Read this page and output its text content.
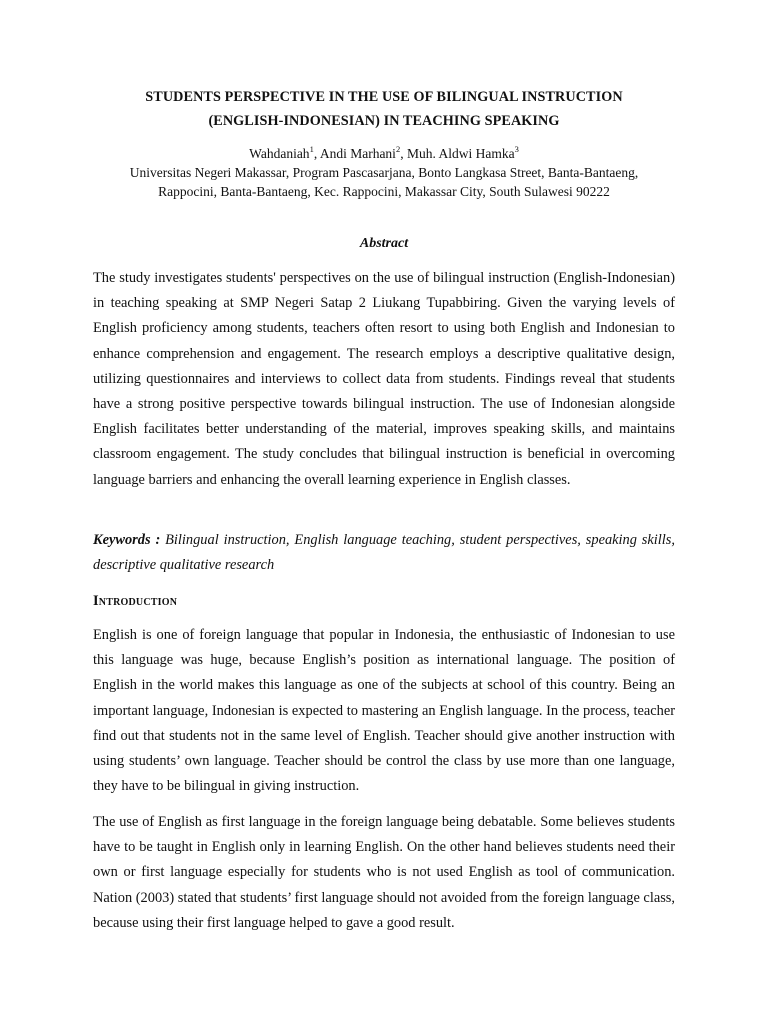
STUDENTS PERSPECTIVE IN THE USE OF BILINGUAL INSTRUCTION
(ENGLISH-INDONESIAN) IN TEACHING SPEAKING
Wahdaniah$^1$, Andi Marhani$^2$, Muh. Aldwi Hamka$^3$
Universitas Negeri Makassar, Program Pascasarjana, Bonto Langkasa Street, Banta-Bantaeng,
Rappocini, Banta-Bantaeng, Kec. Rappocini, Makassar City, South Sulawesi 90222
Abstract

The study investigates students' perspectives on the use of bilingual instruction (English-Indonesian) in teaching speaking at SMP Negeri Satap 2 Liukang Tupabbiring. Given the varying levels of English proficiency among students, teachers often resort to using both English and Indonesian to enhance comprehension and engagement. The research employs a descriptive qualitative design, utilizing questionnaires and interviews to collect data from students. Findings reveal that students have a strong positive perspective towards bilingual instruction. The use of Indonesian alongside English facilitates better understanding of the material, improves speaking skills, and maintains classroom engagement. The study concludes that bilingual instruction is beneficial in overcoming language barriers and enhancing the overall learning experience in English classes.

Keywords : Bilingual instruction, English language teaching, student perspectives, speaking skills, descriptive qualitative research

Introduction

English is one of foreign language that popular in Indonesia, the enthusiastic of Indonesian to use this language was huge, because English’s position as international language. The position of English in the world makes this language as one of the subjects at school of this country. Being an important language, Indonesian is expected to mastering an English language. In the process, teacher find out that students not in the same level of English. Teacher should give another instruction with using students’ own language. Teacher should be control the class by use more than one language, they have to be bilingual in giving instruction.

The use of English as first language in the foreign language being debatable. Some believes students have to be taught in English only in learning English. On the other hand believes students need their own or first language especially for students who is not used English as tool of communication. Nation (2003) stated that students’ first language should not avoided from the foreign language class, because using their first language helped to gave a good result.
